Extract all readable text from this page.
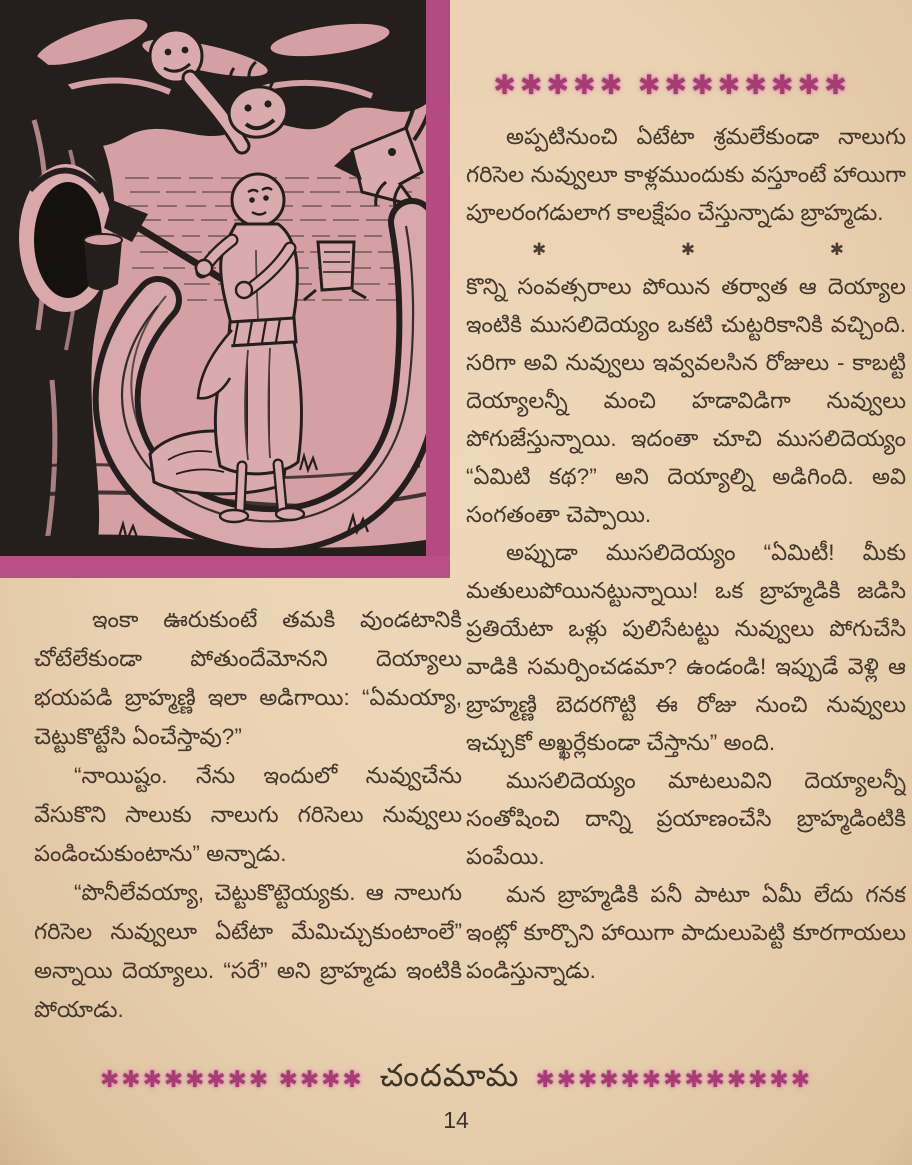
✱✱✱✱✱ ✱✱✱✱✱✱✱✱

అప్పటినుంచి ఏటేటా శ్రమలేకుండా నాలుగు గరిసెల నువ్వులూ కాళ్లముందుకు వస్తూంటే హాయిగా పూలరంగడులాగ కాలక్షేపం చేస్తున్నాడు బ్రాహ్మడు.

✱	✱	✱

కొన్ని సంవత్సరాలు పోయిన తర్వాత ఆ దెయ్యాల ఇంటికి ముసలిదెయ్యం ఒకటి చుట్టరికానికి వచ్చింది. సరిగా అవి నువ్వులు ఇవ్వవలసిన రోజులు - కాబట్టి దెయ్యాలన్నీ మంచి హడావిడిగా నువ్వులు పోగుజేస్తున్నాయి. ఇదంతా చూచి ముసలిదెయ్యం “ఏమిటి కథ?” అని దెయ్యాల్ని అడిగింది. అవి సంగతంతా చెప్పాయి.

అప్పుడా ముసలిదెయ్యం “ఏమిటీ! మీకు మతులుపోయినట్టున్నాయి! ఒక బ్రాహ్మడికి జడిసి ప్రతియేటా ఒళ్లు పులిసేటట్టు నువ్వులు పోగుచేసి వాడికి సమర్పించడమా? ఉండండి! ఇప్పుడే వెళ్లి ఆ బ్రాహ్మణ్ణి బెదరగొట్టి ఈ రోజు నుంచి నువ్వులు ఇచ్చుకో అఖ్ఖర్లేకుండా చేస్తాను” అంది.

ముసలిదెయ్యం మాటలువిని దెయ్యాలన్నీ సంతోషించి దాన్ని ప్రయాణంచేసి బ్రాహ్మడింటికి పంపేయి.

మన బ్రాహ్మడికి పనీ పాటూ ఏమీ లేదు గనక ఇంట్లో కూర్చొని హాయిగా పాదులుపెట్టి కూరగాయలు పండిస్తున్నాడు.

ఇంకా ఊరుకుంటే తమకి వుండటానికి చోటేలేకుండా పోతుందేమోనని దెయ్యాలు భయపడి బ్రాహ్మణ్ణి ఇలా అడిగాయి: “ఏమయ్యా, చెట్టుకొట్టేసి ఏంచేస్తావు?”

“నాయిష్టం. నేను ఇందులో నువ్వుచేను వేసుకొని సాలుకు నాలుగు గరిసెలు నువ్వులు పండించుకుంటాను” అన్నాడు.

“పొనీలేవయ్యా, చెట్టుకొట్టెయ్యకు. ఆ నాలుగు గరిసెల నువ్వులూ ఏటేటా మేమిచ్చుకుంటాంలే” అన్నాయి దెయ్యాలు. “సరే” అని బ్రాహ్మడు ఇంటికి పోయాడు.

✱✱✱✱✱✱✱✱ ✱✱✱✱ చందమామ ✱✱✱✱✱✱✱✱✱✱✱✱✱
14
